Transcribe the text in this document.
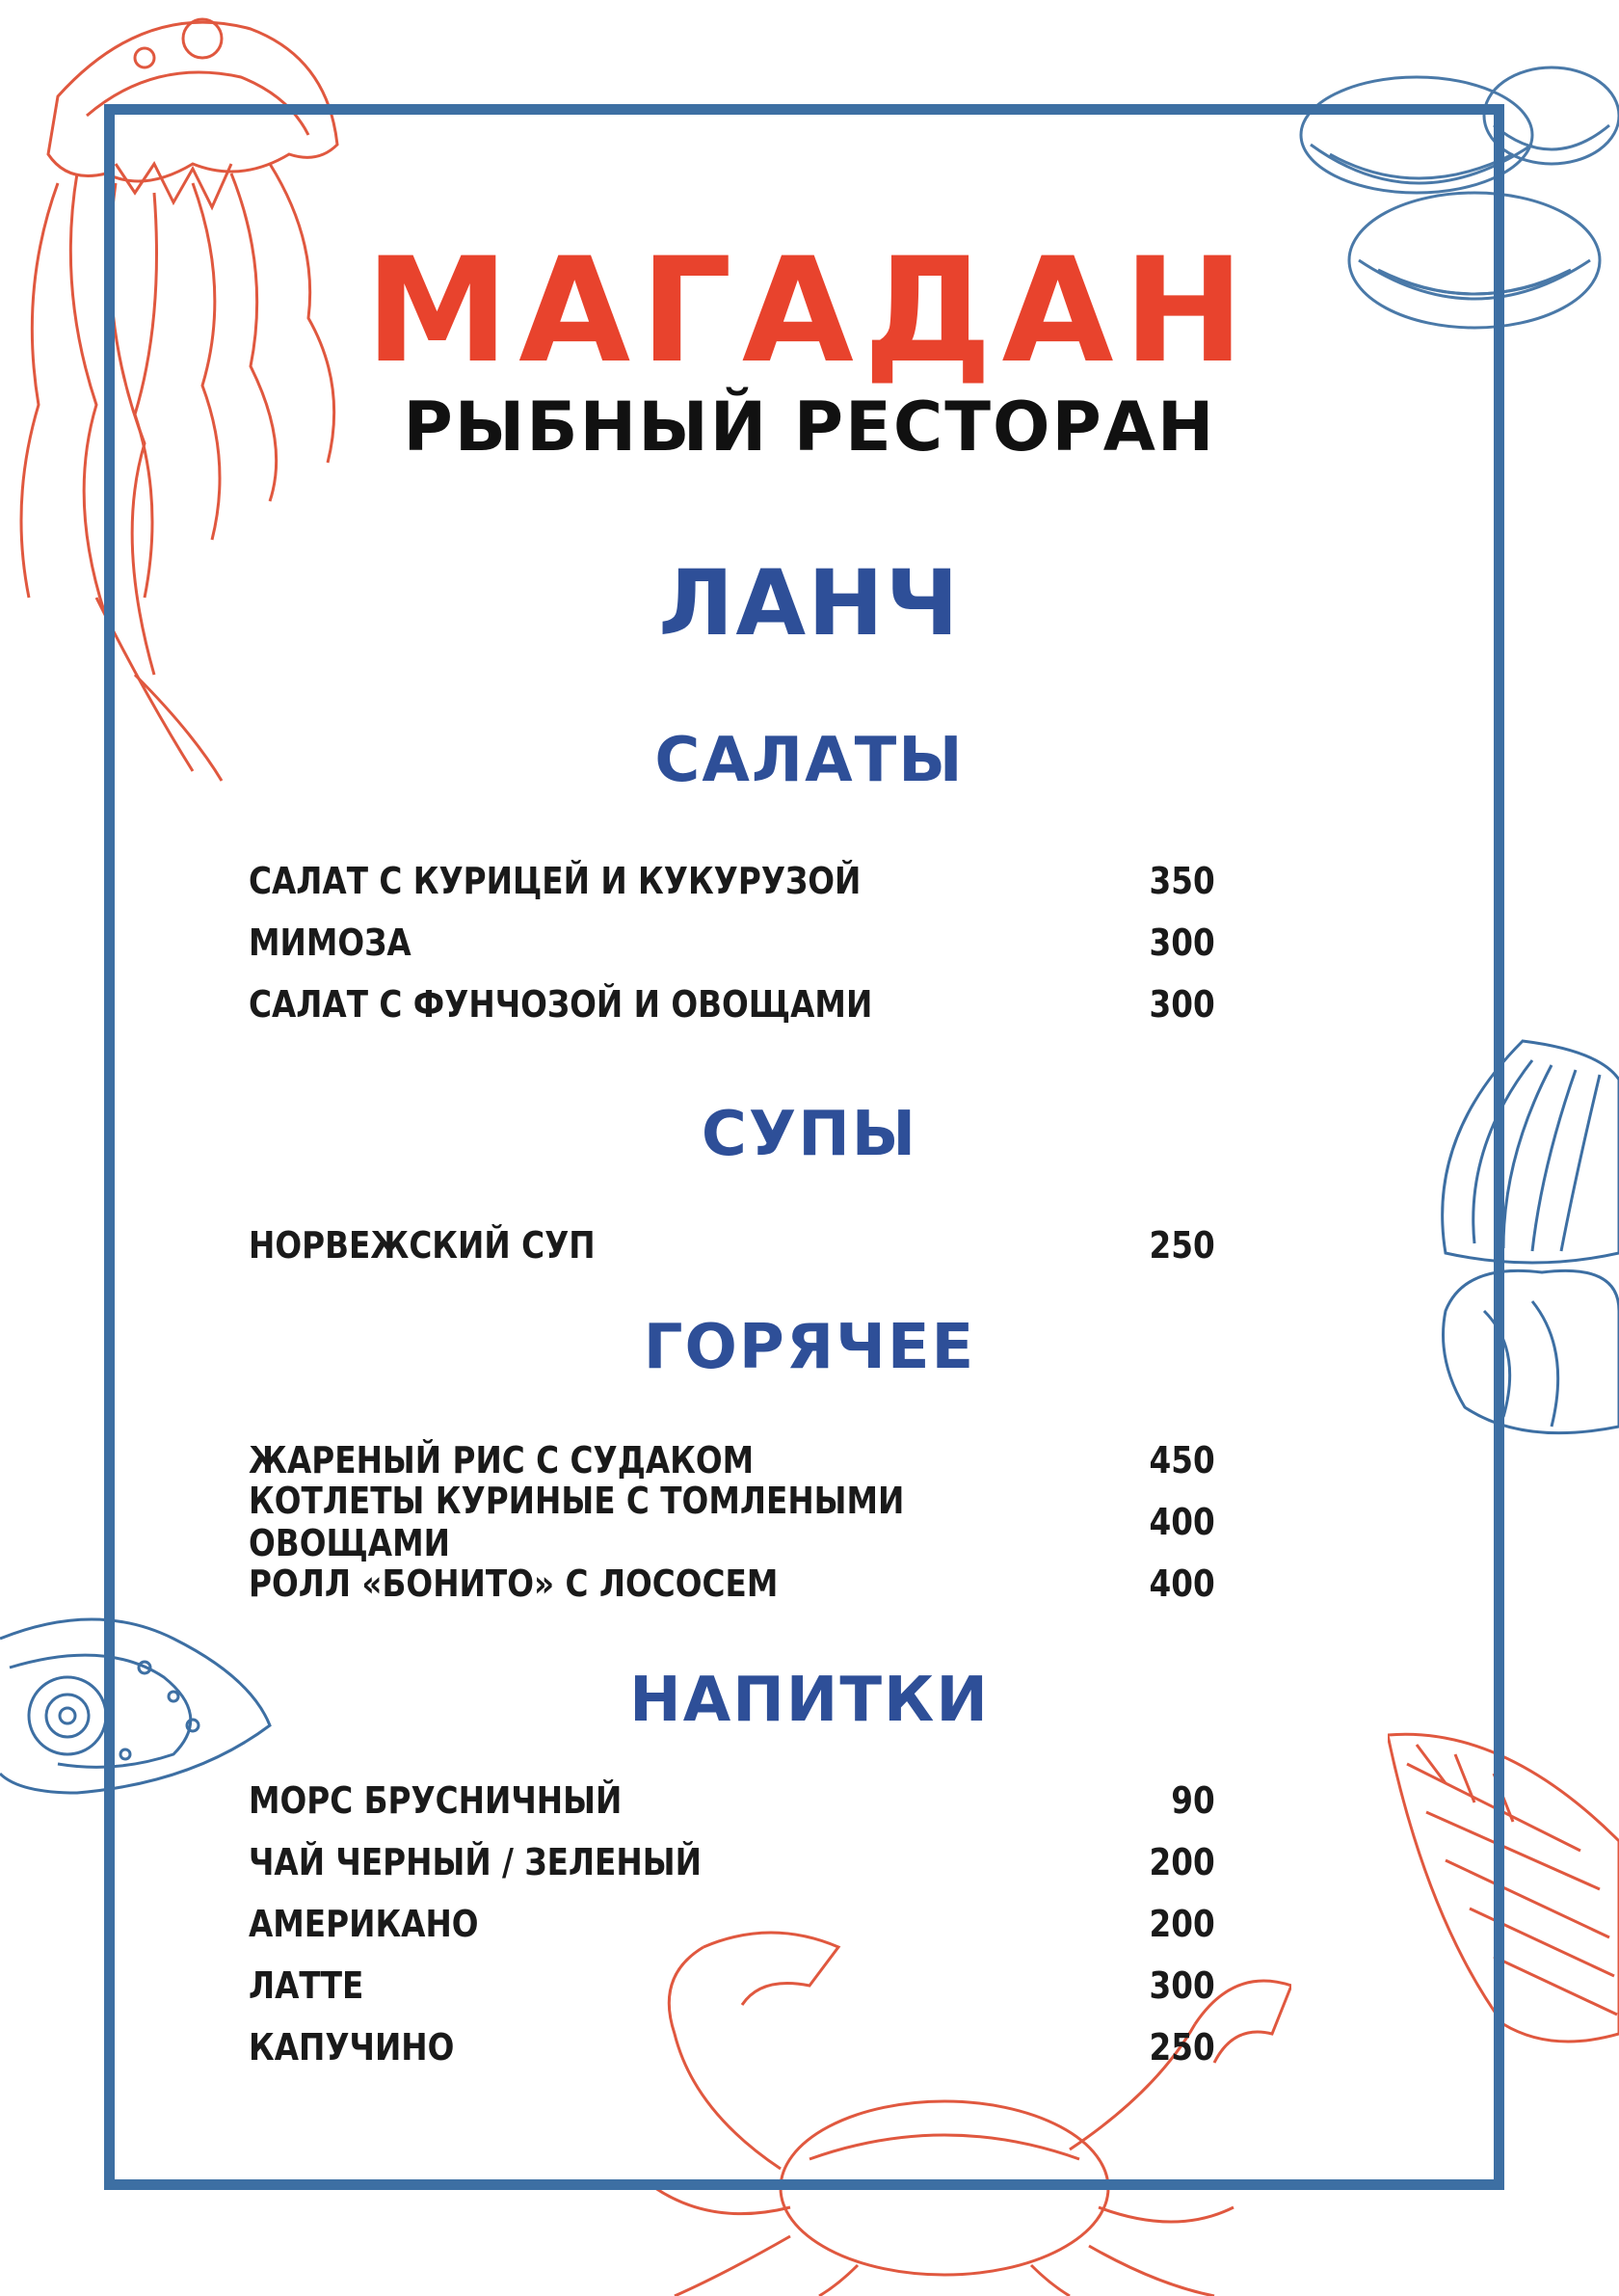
МАГАДАН
РЫБНЫЙ РЕСТОРАН
ЛАНЧ
САЛАТЫ
САЛАТ С КУРИЦЕЙ И КУКУРУЗОЙ	350
МИМОЗА	300
САЛАТ С ФУНЧОЗОЙ И ОВОЩАМИ	300
СУПЫ
НОРВЕЖСКИЙ СУП	250
ГОРЯЧЕЕ
ЖАРЕНЫЙ РИС С СУДАКОМ	450
КОТЛЕТЫ КУРИНЫЕ С ТОМЛЕНЫМИ ОВОЩАМИ	400
РОЛЛ «БОНИТО» С ЛОСОСЕМ	400
НАПИТКИ
МОРС БРУСНИЧНЫЙ	90
ЧАЙ ЧЕРНЫЙ / ЗЕЛЕНЫЙ	200
АМЕРИКАНО	200
ЛАТТЕ	300
КАПУЧИНО	250
